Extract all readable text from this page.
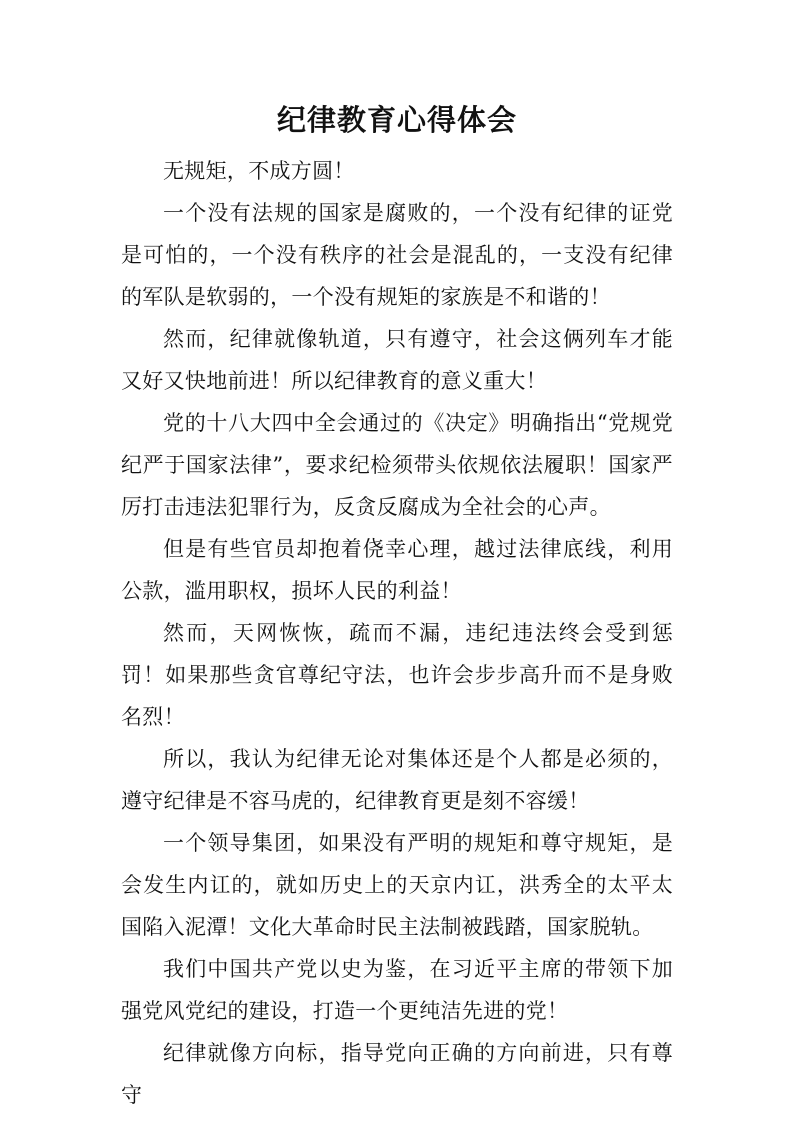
纪律教育心得体会

无规矩，不成方圆！

一个没有法规的国家是腐败的，一个没有纪律的证党是可怕的，一个没有秩序的社会是混乱的，一支没有纪律的军队是软弱的，一个没有规矩的家族是不和谐的！

然而，纪律就像轨道，只有遵守，社会这俩列车才能又好又快地前进！所以纪律教育的意义重大！

党的十八大四中全会通过的《决定》明确指出“党规党纪严于国家法律”，要求纪检须带头依规依法履职！国家严厉打击违法犯罪行为，反贪反腐成为全社会的心声。

但是有些官员却抱着侥幸心理，越过法律底线，利用公款，滥用职权，损坏人民的利益！

然而，天网恢恢，疏而不漏，违纪违法终会受到惩罚！如果那些贪官尊纪守法，也许会步步高升而不是身败名烈！

所以，我认为纪律无论对集体还是个人都是必须的，遵守纪律是不容马虎的，纪律教育更是刻不容缓！

一个领导集团，如果没有严明的规矩和尊守规矩，是会发生内讧的，就如历史上的天京内讧，洪秀全的太平太国陷入泥潭！文化大革命时民主法制被践踏，国家脱轨。

我们中国共产党以史为鉴，在习近平主席的带领下加强党风党纪的建设，打造一个更纯洁先进的党！

纪律就像方向标，指导党向正确的方向前进，只有尊守
